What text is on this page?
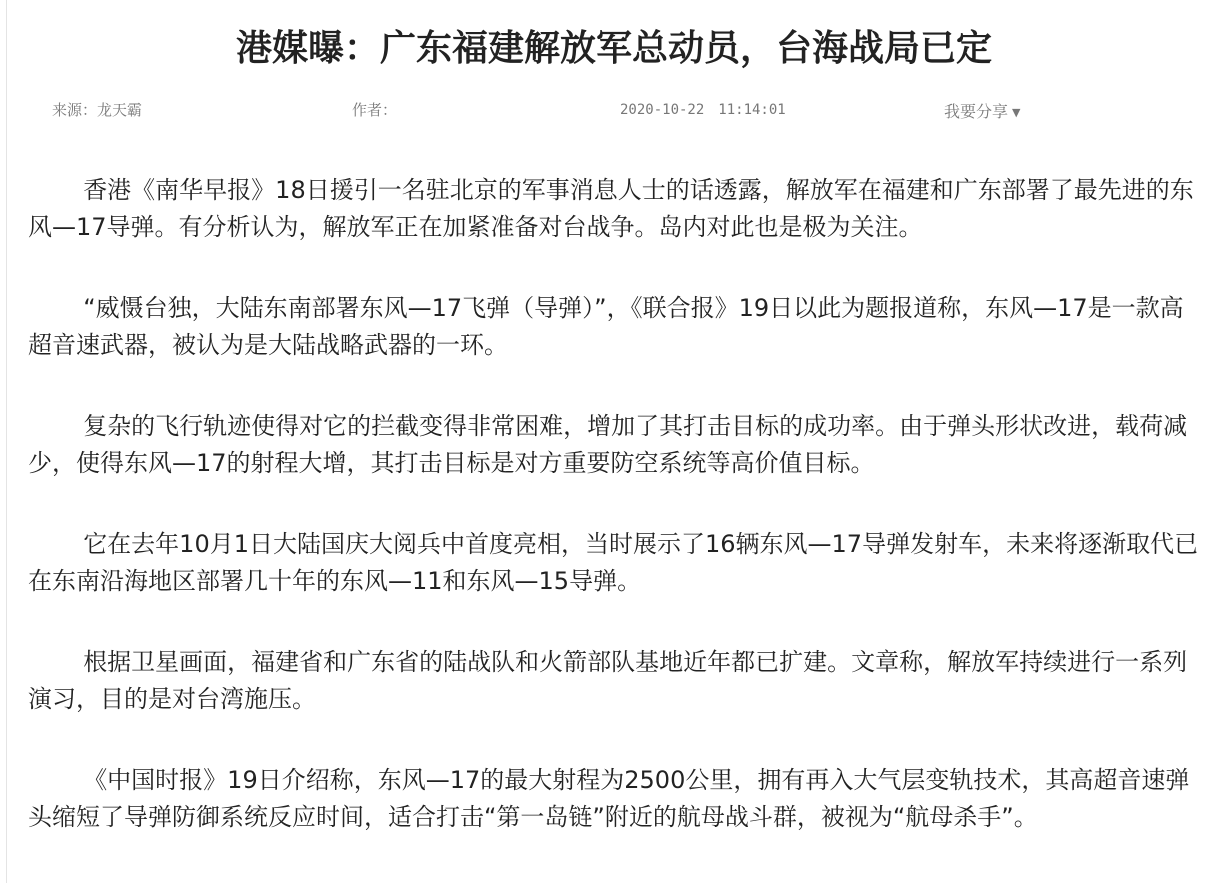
港媒曝：广东福建解放军总动员，台海战局已定
来源：龙天霸	作者：	2020-10-22　11:14:01	我要分享 ▼

香港《南华早报》18日援引一名驻北京的军事消息人士的话透露，解放军在福建和广东部署了最先进的东风—17导弹。有分析认为，解放军正在加紧准备对台战争。岛内对此也是极为关注。

“威慑台独，大陆东南部署东风—17飞弹（导弹）”，《联合报》19日以此为题报道称，东风—17是一款高超音速武器，被认为是大陆战略武器的一环。

复杂的飞行轨迹使得对它的拦截变得非常困难，增加了其打击目标的成功率。由于弹头形状改进，载荷减少，使得东风—17的射程大增，其打击目标是对方重要防空系统等高价值目标。

它在去年10月1日大陆国庆大阅兵中首度亮相，当时展示了16辆东风—17导弹发射车，未来将逐渐取代已在东南沿海地区部署几十年的东风—11和东风—15导弹。

根据卫星画面，福建省和广东省的陆战队和火箭部队基地近年都已扩建。文章称，解放军持续进行一系列演习，目的是对台湾施压。

《中国时报》19日介绍称，东风—17的最大射程为2500公里，拥有再入大气层变轨技术，其高超音速弹头缩短了导弹防御系统反应时间，适合打击“第一岛链”附近的航母战斗群，被视为“航母杀手”。
